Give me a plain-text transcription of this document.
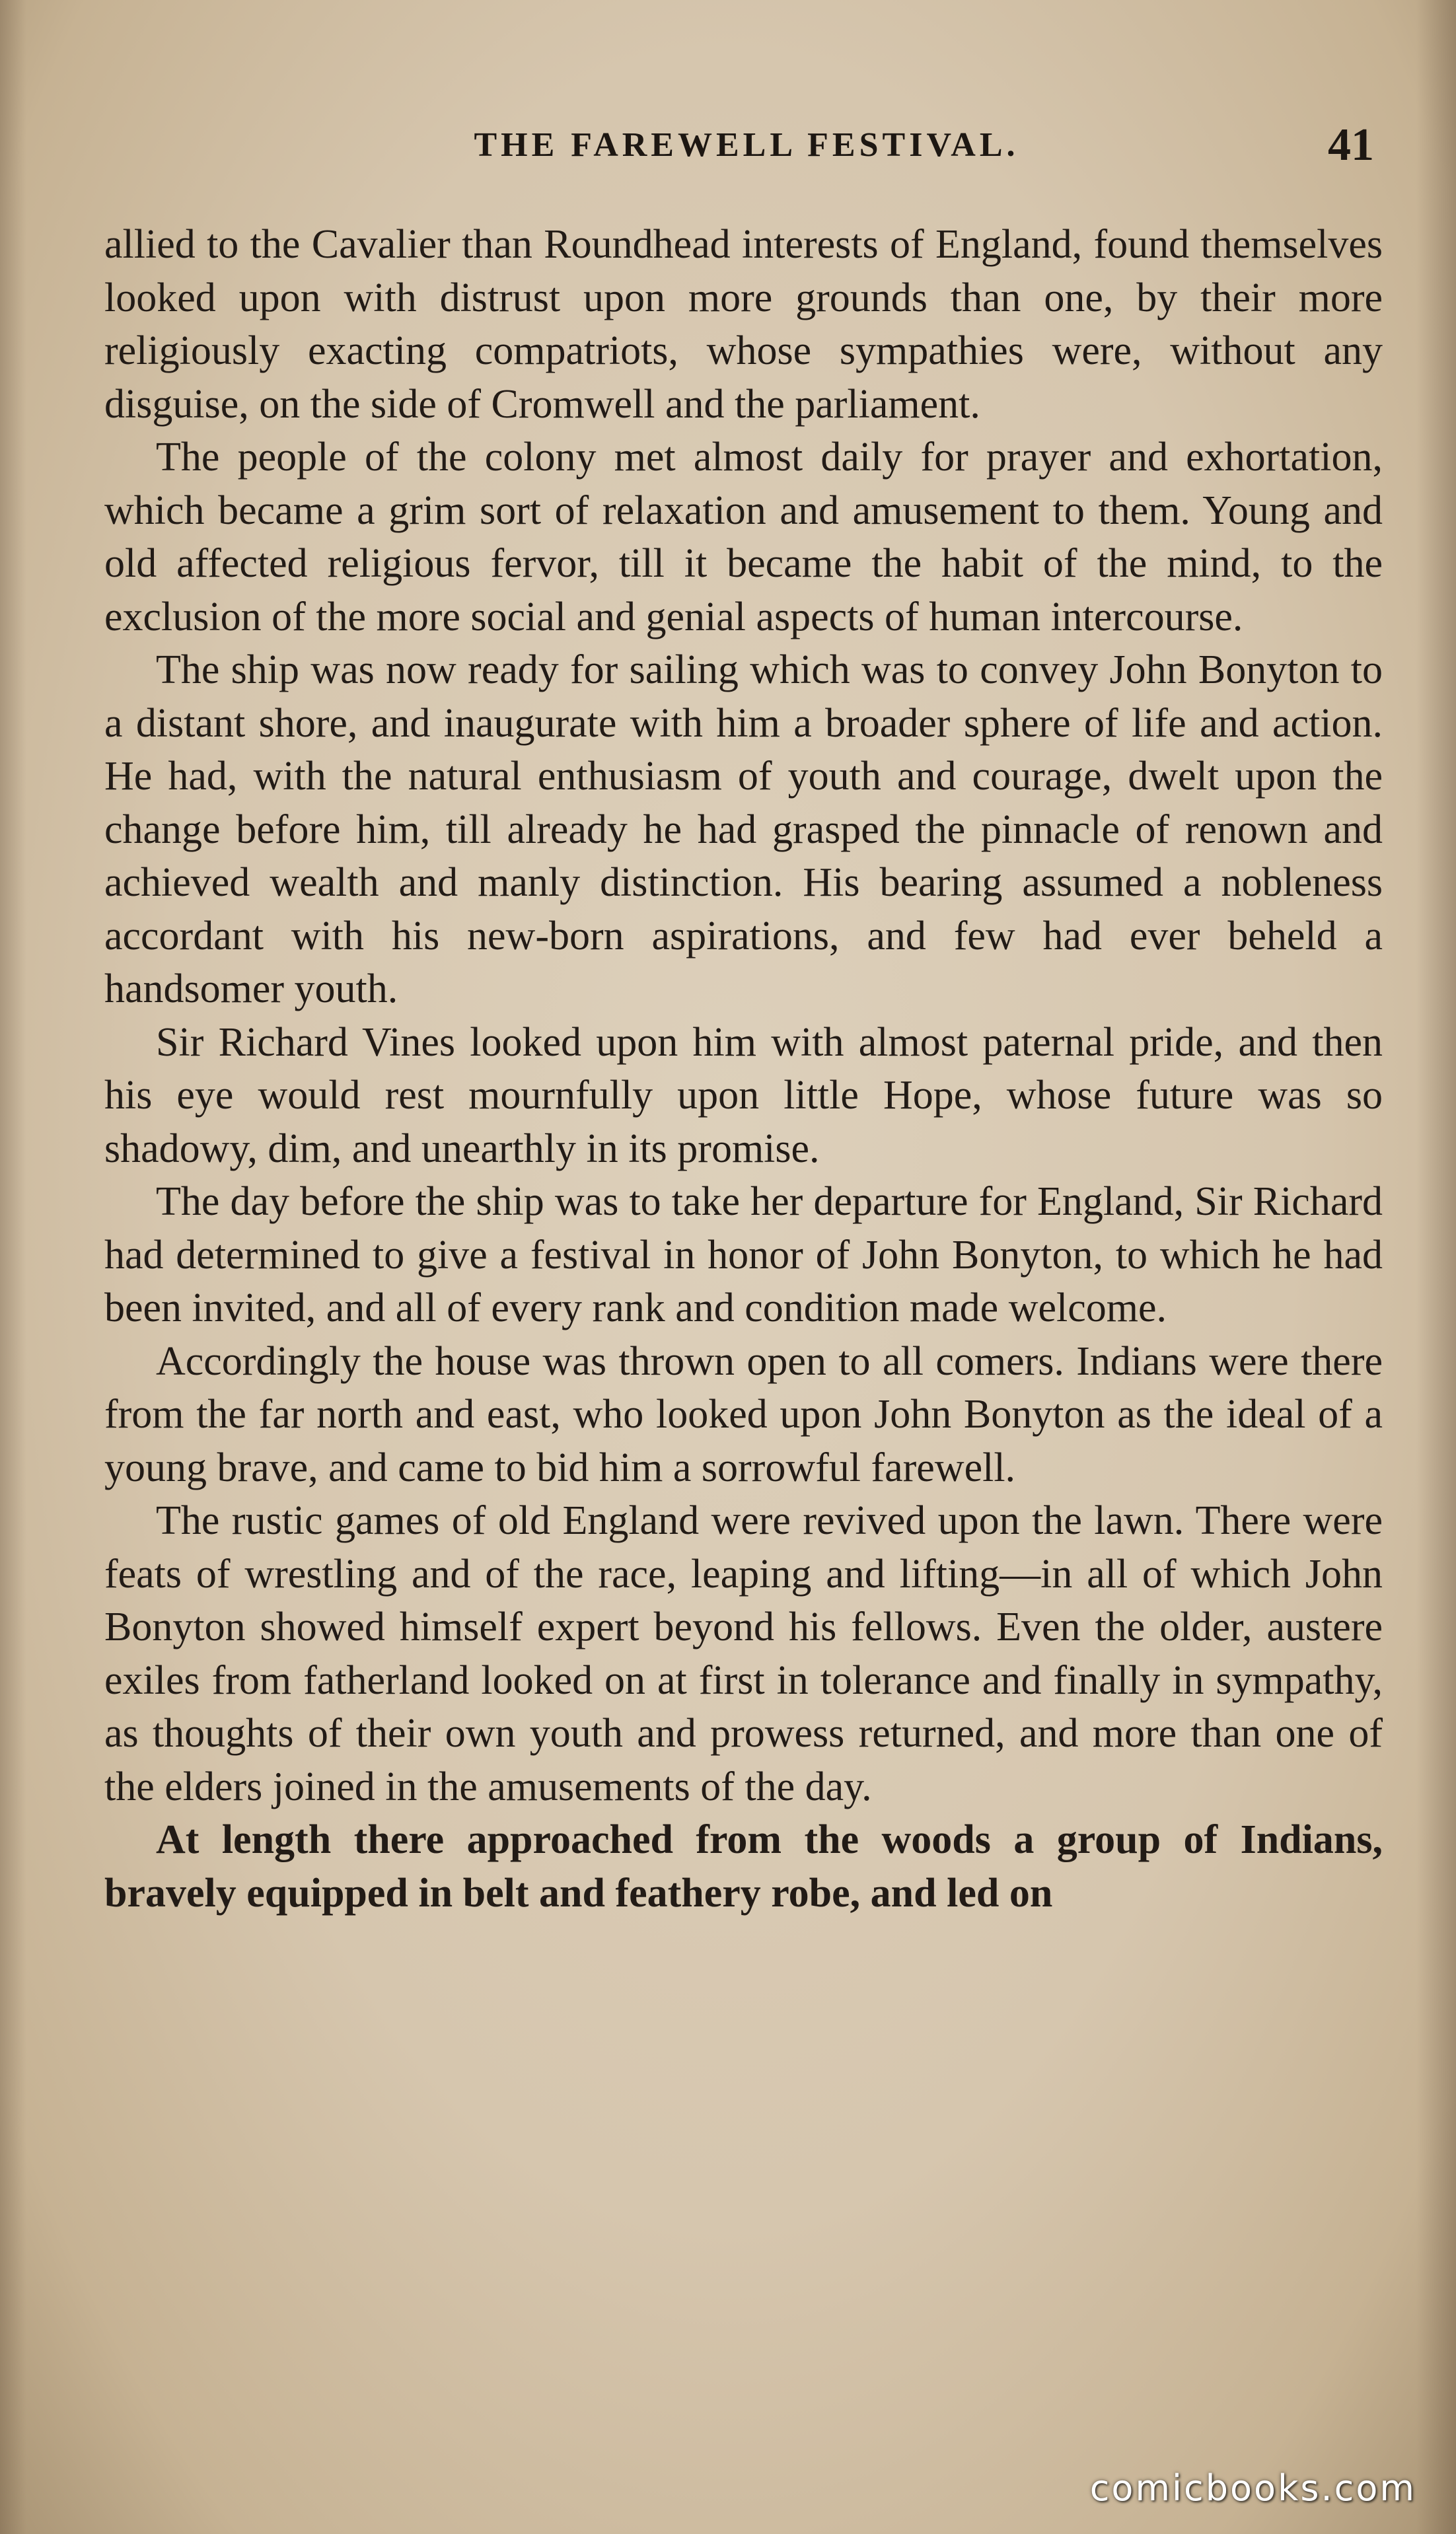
THE FAREWELL FESTIVAL.	41

allied to the Cavalier than Roundhead interests of England, found themselves looked upon with distrust upon more grounds than one, by their more religiously exacting compatriots, whose sympathies were, without any disguise, on the side of Cromwell and the parliament.

The people of the colony met almost daily for prayer and exhortation, which became a grim sort of relaxation and amusement to them. Young and old affected religious fervor, till it became the habit of the mind, to the exclusion of the more social and genial aspects of human intercourse.

The ship was now ready for sailing which was to convey John Bonyton to a distant shore, and inaugurate with him a broader sphere of life and action. He had, with the natural enthusiasm of youth and courage, dwelt upon the change before him, till already he had grasped the pinnacle of renown and achieved wealth and manly distinction. His bearing assumed a nobleness accordant with his new-born aspirations, and few had ever beheld a handsomer youth.

Sir Richard Vines looked upon him with almost paternal pride, and then his eye would rest mournfully upon little Hope, whose future was so shadowy, dim, and unearthly in its promise.

The day before the ship was to take her departure for England, Sir Richard had determined to give a festival in honor of John Bonyton, to which he had been invited, and all of every rank and condition made welcome.

Accordingly the house was thrown open to all comers. Indians were there from the far north and east, who looked upon John Bonyton as the ideal of a young brave, and came to bid him a sorrowful farewell.

The rustic games of old England were revived upon the lawn. There were feats of wrestling and of the race, leaping and lifting—in all of which John Bonyton showed himself expert beyond his fellows. Even the older, austere exiles from fatherland looked on at first in tolerance and finally in sympathy, as thoughts of their own youth and prowess returned, and more than one of the elders joined in the amusements of the day.

At length there approached from the woods a group of Indians, bravely equipped in belt and feathery robe, and led on

comicbooks.com
